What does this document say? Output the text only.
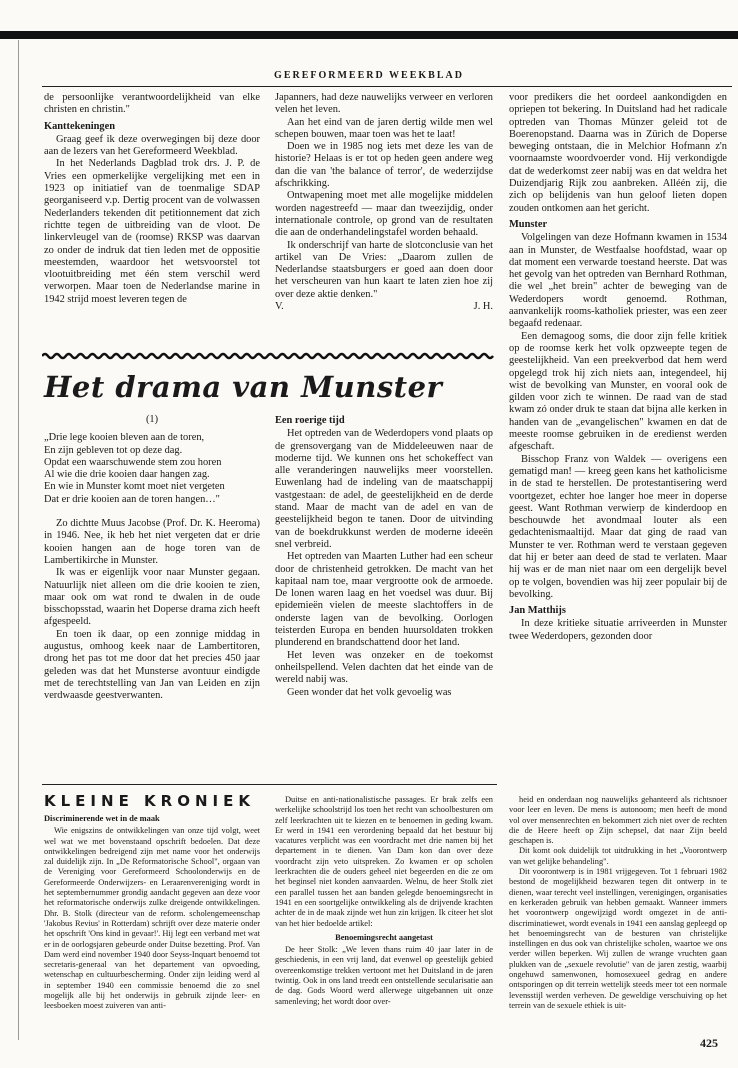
GEREFORMEERD WEEKBLAD

de persoonlijke verantwoordelijkheid van elke christen en christin."

Kanttekeningen

Graag geef ik deze overwegingen bij deze door aan de lezers van het Gereformeerd Weekblad.

In het Nederlands Dagblad trok drs. J. P. de Vries een opmerkelijke vergelijking met een in 1923 op initiatief van de toenmalige SDAP georganiseerd v.p. Dertig procent van de volwassen Nederlanders tekenden dit petitionnement dat zich richtte tegen de uitbreiding van de vloot. De linkervleugel van de (roomse) RKSP was daarvan zo onder de indruk dat tien leden met de oppositie meestemden, waardoor het wetsvoorstel tot vlootuitbreiding met één stem verschil werd verworpen. Maar toen de Nederlandse marine in 1942 strijd moest leveren tegen de

Japanners, had deze nauwelijks verweer en verloren velen het leven.

Aan het eind van de jaren dertig wilde men wel schepen bouwen, maar toen was het te laat!

Doen we in 1985 nog iets met deze les van de historie? Helaas is er tot op heden geen andere weg dan die van 'the balance of terror', de wederzijdse afschrikking.

Ontwapening moet met alle mogelijke middelen worden nagestreefd — maar dan tweezijdig, onder internationale controle, op grond van de resultaten die aan de onderhandelingstafel worden behaald.

Ik onderschrijf van harte de slotconclusie van het artikel van De Vries: „Daarom zullen de Nederlandse staatsburgers er goed aan doen door het verscheuren van hun kaart te laten zien hoe zij over deze aktie denken."

V.	J. H.

voor predikers die het oordeel aankondigden en opriepen tot bekering. In Duitsland had het radicale optreden van Thomas Münzer geleid tot de Boerenopstand. Daarna was in Zürich de Doperse beweging ontstaan, die in Melchior Hofmann z'n voornaamste woordvoerder vond. Hij verkondigde dat de wederkomst zeer nabij was en dat weldra het Duizendjarig Rijk zou aanbreken. Alléén zij, die zich op belijdenis van hun geloof lieten dopen zouden ontkomen aan het gericht.

Munster

Volgelingen van deze Hofmann kwamen in 1534 aan in Munster, de Westfaalse hoofdstad, waar op dat moment een verwarde toestand heerste. Dat was het gevolg van het optreden van Bernhard Rothman, die wel „het brein" achter de beweging van de Wederdopers wordt genoemd. Rothman, aanvankelijk rooms-katholiek priester, was een zeer begaafd redenaar.

Een demagoog soms, die door zijn felle kritiek op de roomse kerk het volk opzweepte tegen de geestelijkheid. Van een preekverbod dat hem werd opgelegd trok hij zich niets aan, integendeel, hij wist de bevolking van Munster, en vooral ook de gilden voor zich te winnen. De raad van de stad kwam zó onder druk te staan dat bijna alle kerken in handen van de „evangelischen" kwamen en dat de meeste roomse gebruiken in de eredienst werden afgeschaft.

Bisschop Franz von Waldek — overigens een gematigd man! — kreeg geen kans het katholicisme in de stad te herstellen. De protestantisering werd voortgezet, echter hoe langer hoe meer in doperse geest. Want Rothman verwierp de kinderdoop en beschouwde het avondmaal louter als een gedachtenismaaltijd. Maar dat ging de raad van Munster te ver. Rothman werd te verstaan gegeven dat hij er beter aan deed de stad te verlaten. Maar hij was er de man niet naar om een dergelijk bevel op te volgen, bovendien was hij zeer populair bij de bevolking.

Jan Matthijs

In deze kritieke situatie arriveerden in Munster twee Wederdopers, gezonden door

Het drama van Munster
(1)
„Drie lege kooien bleven aan de toren,
En zijn gebleven tot op deze dag.
Opdat een waarschuwende stem zou horen
Al wie die drie kooien daar hangen zag.
En wie in Munster komt moet niet vergeten
Dat er drie kooien aan de toren hangen…"

Zo dichtte Muus Jacobse (Prof. Dr. K. Heeroma) in 1946. Nee, ik heb het niet vergeten dat er drie kooien hangen aan de hoge toren van de Lambertikirche in Munster.

Ik was er eigenlijk voor naar Munster gegaan. Natuurlijk niet alleen om die drie kooien te zien, maar ook om wat rond te dwalen in de oude bisschopsstad, waarin het Doperse drama zich heeft afgespeeld.

En toen ik daar, op een zonnige middag in augustus, omhoog keek naar de Lambertitoren, drong het pas tot me door dat het precies 450 jaar geleden was dat het Munsterse avontuur eindigde met de terechtstelling van Jan van Leiden en zijn verdwaasde geestverwanten.

Een roerige tijd

Het optreden van de Wederdopers vond plaats op de grensovergang van de Middeleeuwen naar de moderne tijd. We kunnen ons het schokeffect van alle veranderingen nauwelijks meer voorstellen. Euwenlang had de indeling van de maatschappij vastgestaan: de adel, de geestelijkheid en de derde stand. Maar de macht van de adel en van de geestelijkheid begon te tanen. Door de uitvinding van de boekdrukkunst werden de moderne ideeën snel verbreid.

Het optreden van Maarten Luther had een scheur door de christenheid getrokken. De macht van het kapitaal nam toe, maar vergrootte ook de armoede. De lonen waren laag en het voedsel was duur. Bij epidemieën vielen de meeste slachtoffers in de onderste lagen van de bevolking. Oorlogen teisterden Europa en benden huursoldaten trokken plunderend en brandschattend door het land.

Het leven was onzeker en de toekomst onheilspellend. Velen dachten dat het einde van de wereld nabij was.

Geen wonder dat het volk gevoelig was

KLEINE KRONIEK

Discriminerende wet in de maak

Wie enigszins de ontwikkelingen van onze tijd volgt, weet wel wat we met bovenstaand opschrift bedoelen. Dat deze ontwikkelingen bedreigend zijn met name voor het onderwijs zal duidelijk zijn. In „De Reformatorische School", orgaan van de Vereniging voor Gereformeerd Schoolonderwijs en de Gereformeerde Onderwijzers- en Leraarenvereniging wordt in het septembernummer grondig aandacht gegeven aan deze voor het reformatorische onderwijs zulke dreigende ontwikkelingen. Dhr. B. Stolk (directeur van de reform. scholengemeenschap 'Jakobus Revius' in Rotterdam) schrijft over deze materie onder het opschrift 'Ons kind in gevaar!'. Hij legt een verband met wat er in de oorlogsjaren gebeurde onder Duitse bezetting. Prof. Van Dam werd eind november 1940 door Seyss-Inquart benoemd tot secretaris-generaal van het departement van opvoeding, wetenschap en cultuurbescherming. Onder zijn leiding werd al in september 1940 een commissie benoemd die zo snel mogelijk alle bij het onderwijs in gebruik zijnde leer- en leesboeken moest zuiveren van anti-

Duitse en anti-nationalistische passages. Er brak zelfs een werkelijke schoolstrijd los toen het recht van schoolbesturen om zelf leerkrachten uit te kiezen en te benoemen in geding kwam. Er werd in 1941 een verordening bepaald dat het bestuur bij vacatures verplicht was een voordracht met drie namen bij het departement in te dienen. Van Dam kon dan over deze voordracht zijn veto uitspreken. Zo kwamen er op scholen leerkrachten die de ouders geheel niet begeerden en die ze om het beginsel niet konden aanvaarden. Welnu, de heer Stolk ziet een parallel tussen het aan banden gelegde benoemingsrecht in 1941 en een soortgelijke ontwikkeling als de drijvende krachten achter de in de maak zijnde wet hun zin krijgen. Ik citeer het slot van het hier bedoelde artikel:

Benoemingsrecht aangetast

De heer Stolk: „We leven thans ruim 40 jaar later in de geschiedenis, in een vrij land, dat evenwel op geestelijk gebied overeenkomstige trekken vertoont met het Duitsland in de jaren twintig. Ook in ons land treedt een ontstellende secularisatie aan de dag. Gods Woord werd allerwege uitgebannen uit onze samenleving; het wordt door over-

heid en onderdaan nog nauwelijks gehanteerd als richtsnoer voor leer en leven. De mens is autonoom; men heeft de mond vol over mensenrechten en bekommert zich niet over de rechten die de Heere heeft op Zijn schepsel, dat naar Zijn beeld geschapen is.

Dit komt ook duidelijk tot uitdrukking in het „Voorontwerp van wet gelijke behandeling".

Dit voorontwerp is in 1981 vrijgegeven. Tot 1 februari 1982 bestond de mogelijkheid bezwaren tegen dit ontwerp in te dienen, waar terecht veel instellingen, verenigingen, organisaties en kerkeraden gebruik van hebben gemaakt. Wanneer immers het voorontwerp ongewijzigd wordt omgezet in de anti-discriminatiewet, wordt evenals in 1941 een aanslag gepleegd op het benoemingsrecht van de besturen van christelijke instellingen en dus ook van christelijke scholen, waartoe we ons verder willen beperken. Wij zullen de wrange vruchten gaan plukken van de „sexuele revolutie" van de jaren zestig, waarbij ongehuwd samenwonen, homosexueel gedrag en andere ontsporingen op dit terrein wettelijk steeds meer tot een normale levensstijl werden verheven. De geweldige verschuiving op het terrein van de sexuele ethiek is uit-

425
